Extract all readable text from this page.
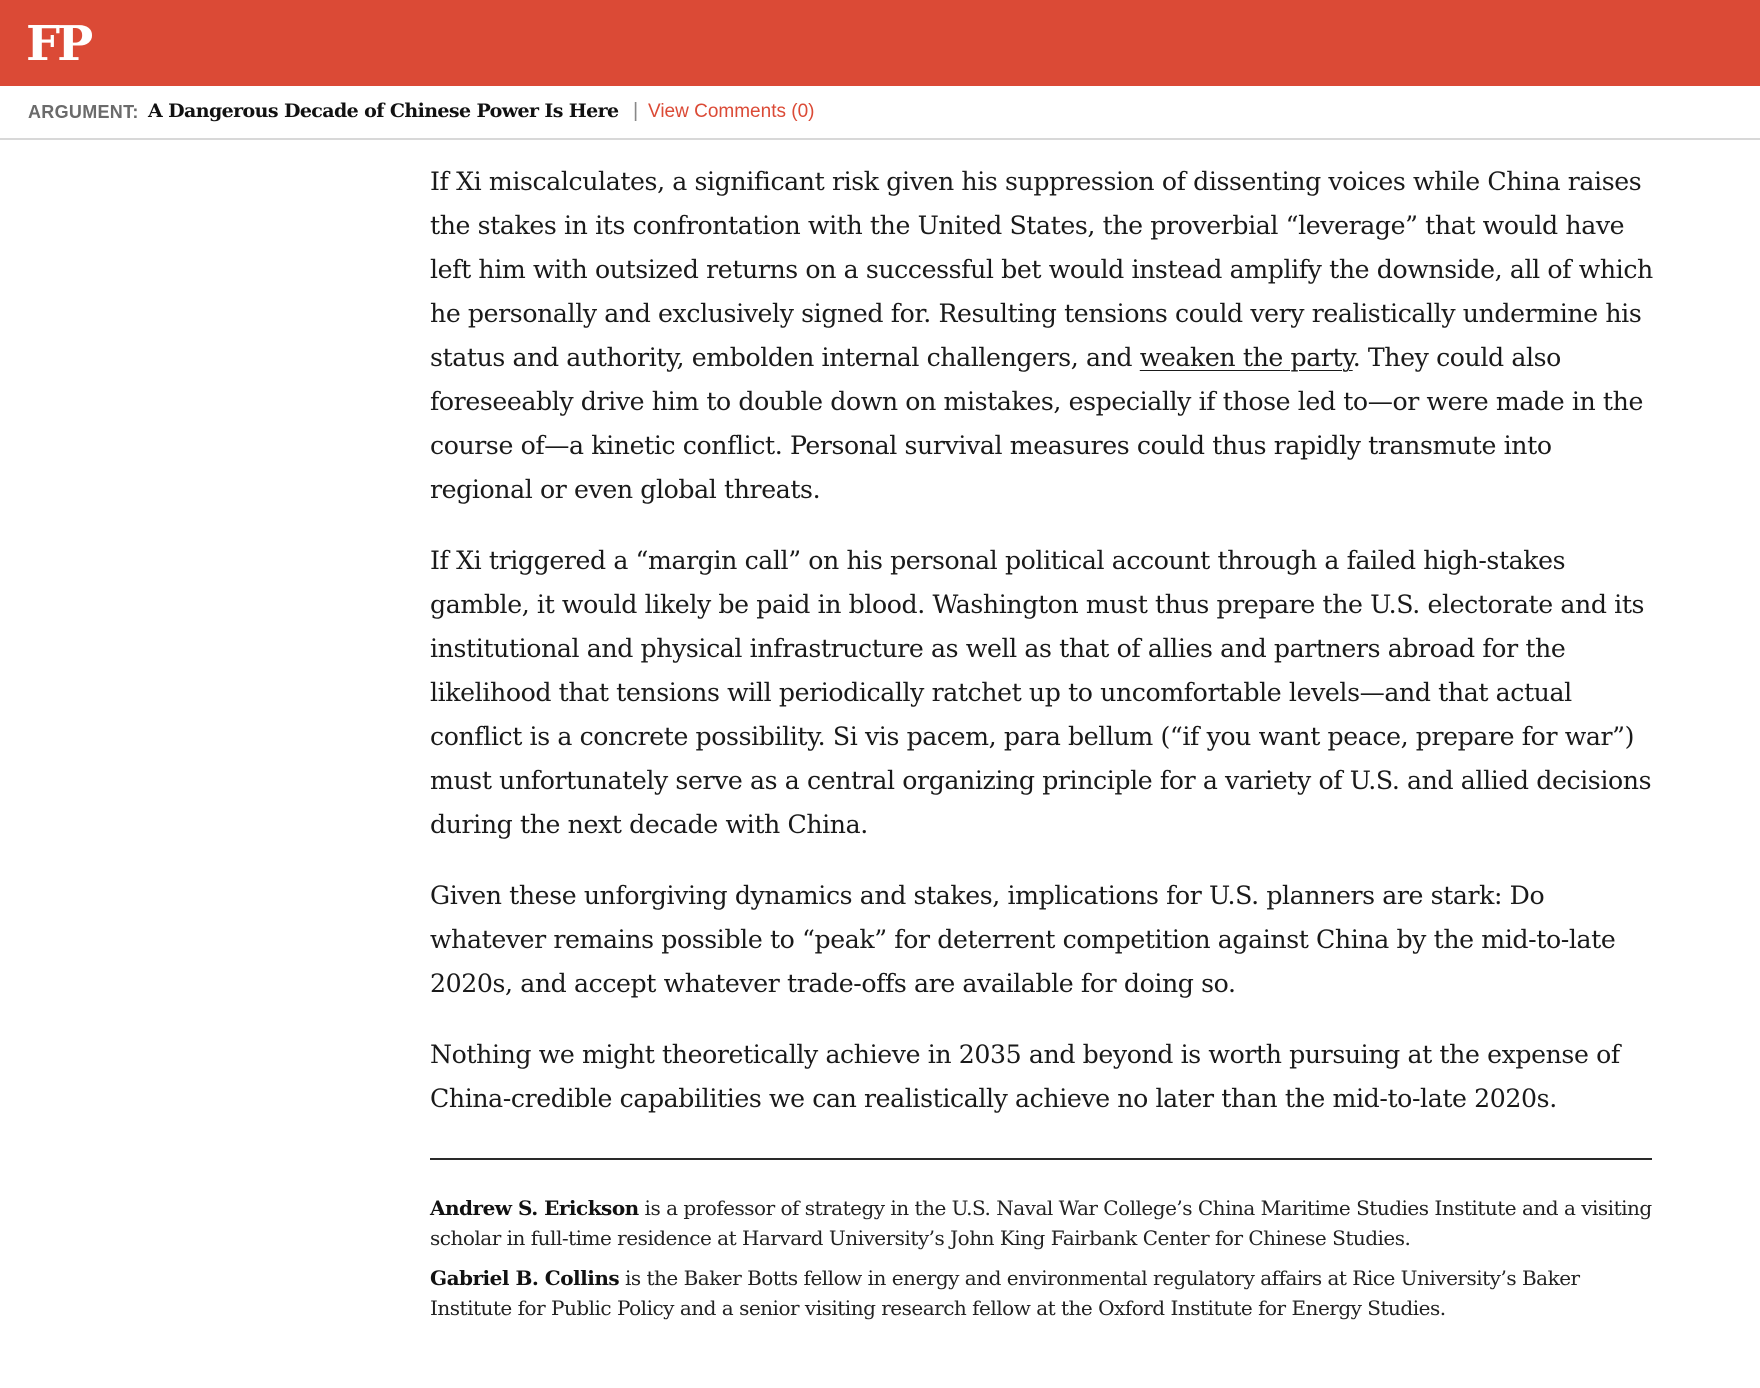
FP
ARGUMENT: A Dangerous Decade of Chinese Power Is Here | View Comments (0)

If Xi miscalculates, a significant risk given his suppression of dissenting voices while China raises the stakes in its confrontation with the United States, the proverbial “leverage” that would have left him with outsized returns on a successful bet would instead amplify the downside, all of which he personally and exclusively signed for. Resulting tensions could very realistically undermine his status and authority, embolden internal challengers, and weaken the party. They could also foreseeably drive him to double down on mistakes, especially if those led to—or were made in the course of—a kinetic conflict. Personal survival measures could thus rapidly transmute into regional or even global threats.

If Xi triggered a “margin call” on his personal political account through a failed high-stakes gamble, it would likely be paid in blood. Washington must thus prepare the U.S. electorate and its institutional and physical infrastructure as well as that of allies and partners abroad for the likelihood that tensions will periodically ratchet up to uncomfortable levels—and that actual conflict is a concrete possibility. Si vis pacem, para bellum (“if you want peace, prepare for war”) must unfortunately serve as a central organizing principle for a variety of U.S. and allied decisions during the next decade with China.

Given these unforgiving dynamics and stakes, implications for U.S. planners are stark: Do whatever remains possible to “peak” for deterrent competition against China by the mid-to-late 2020s, and accept whatever trade-offs are available for doing so.

Nothing we might theoretically achieve in 2035 and beyond is worth pursuing at the expense of China-credible capabilities we can realistically achieve no later than the mid-to-late 2020s.

Andrew S. Erickson is a professor of strategy in the U.S. Naval War College’s China Maritime Studies Institute and a visiting scholar in full-time residence at Harvard University’s John King Fairbank Center for Chinese Studies.

Gabriel B. Collins is the Baker Botts fellow in energy and environmental regulatory affairs at Rice University’s Baker Institute for Public Policy and a senior visiting research fellow at the Oxford Institute for Energy Studies.
